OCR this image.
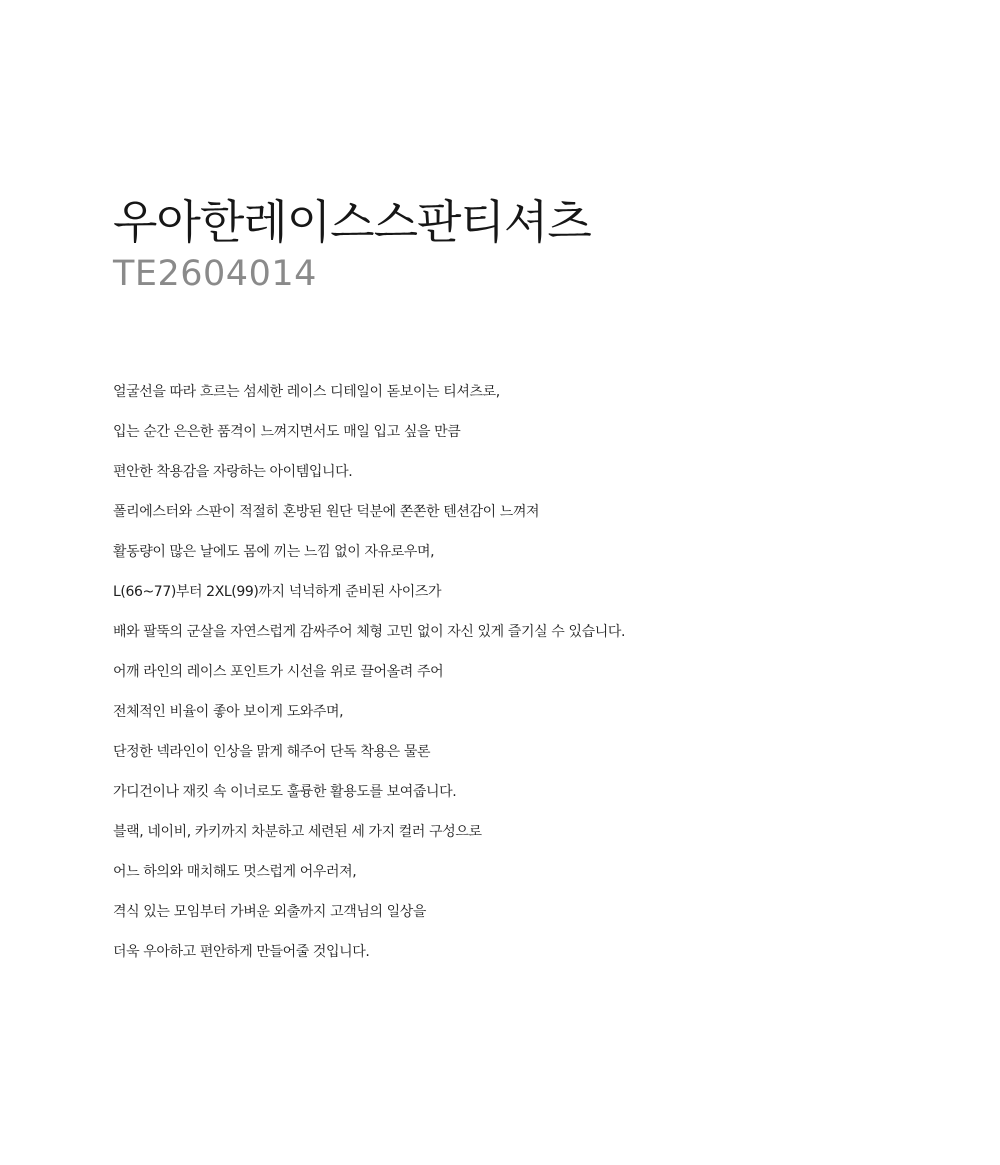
우아한레이스스판티셔츠

TE2604014

얼굴선을 따라 흐르는 섬세한 레이스 디테일이 돋보이는 티셔츠로,
입는 순간 은은한 품격이 느껴지면서도 매일 입고 싶을 만큼
편안한 착용감을 자랑하는 아이템입니다.
폴리에스터와 스판이 적절히 혼방된 원단 덕분에 쫀쫀한 텐션감이 느껴져
활동량이 많은 날에도 몸에 끼는 느낌 없이 자유로우며,
L(66~77)부터 2XL(99)까지 넉넉하게 준비된 사이즈가
배와 팔뚝의 군살을 자연스럽게 감싸주어 체형 고민 없이 자신 있게 즐기실 수 있습니다.
어깨 라인의 레이스 포인트가 시선을 위로 끌어올려 주어
전체적인 비율이 좋아 보이게 도와주며,
단정한 넥라인이 인상을 맑게 해주어 단독 착용은 물론
가디건이나 재킷 속 이너로도 훌륭한 활용도를 보여줍니다.
블랙, 네이비, 카키까지 차분하고 세련된 세 가지 컬러 구성으로
어느 하의와 매치해도 멋스럽게 어우러져,
격식 있는 모임부터 가벼운 외출까지 고객님의 일상을
더욱 우아하고 편안하게 만들어줄 것입니다.
